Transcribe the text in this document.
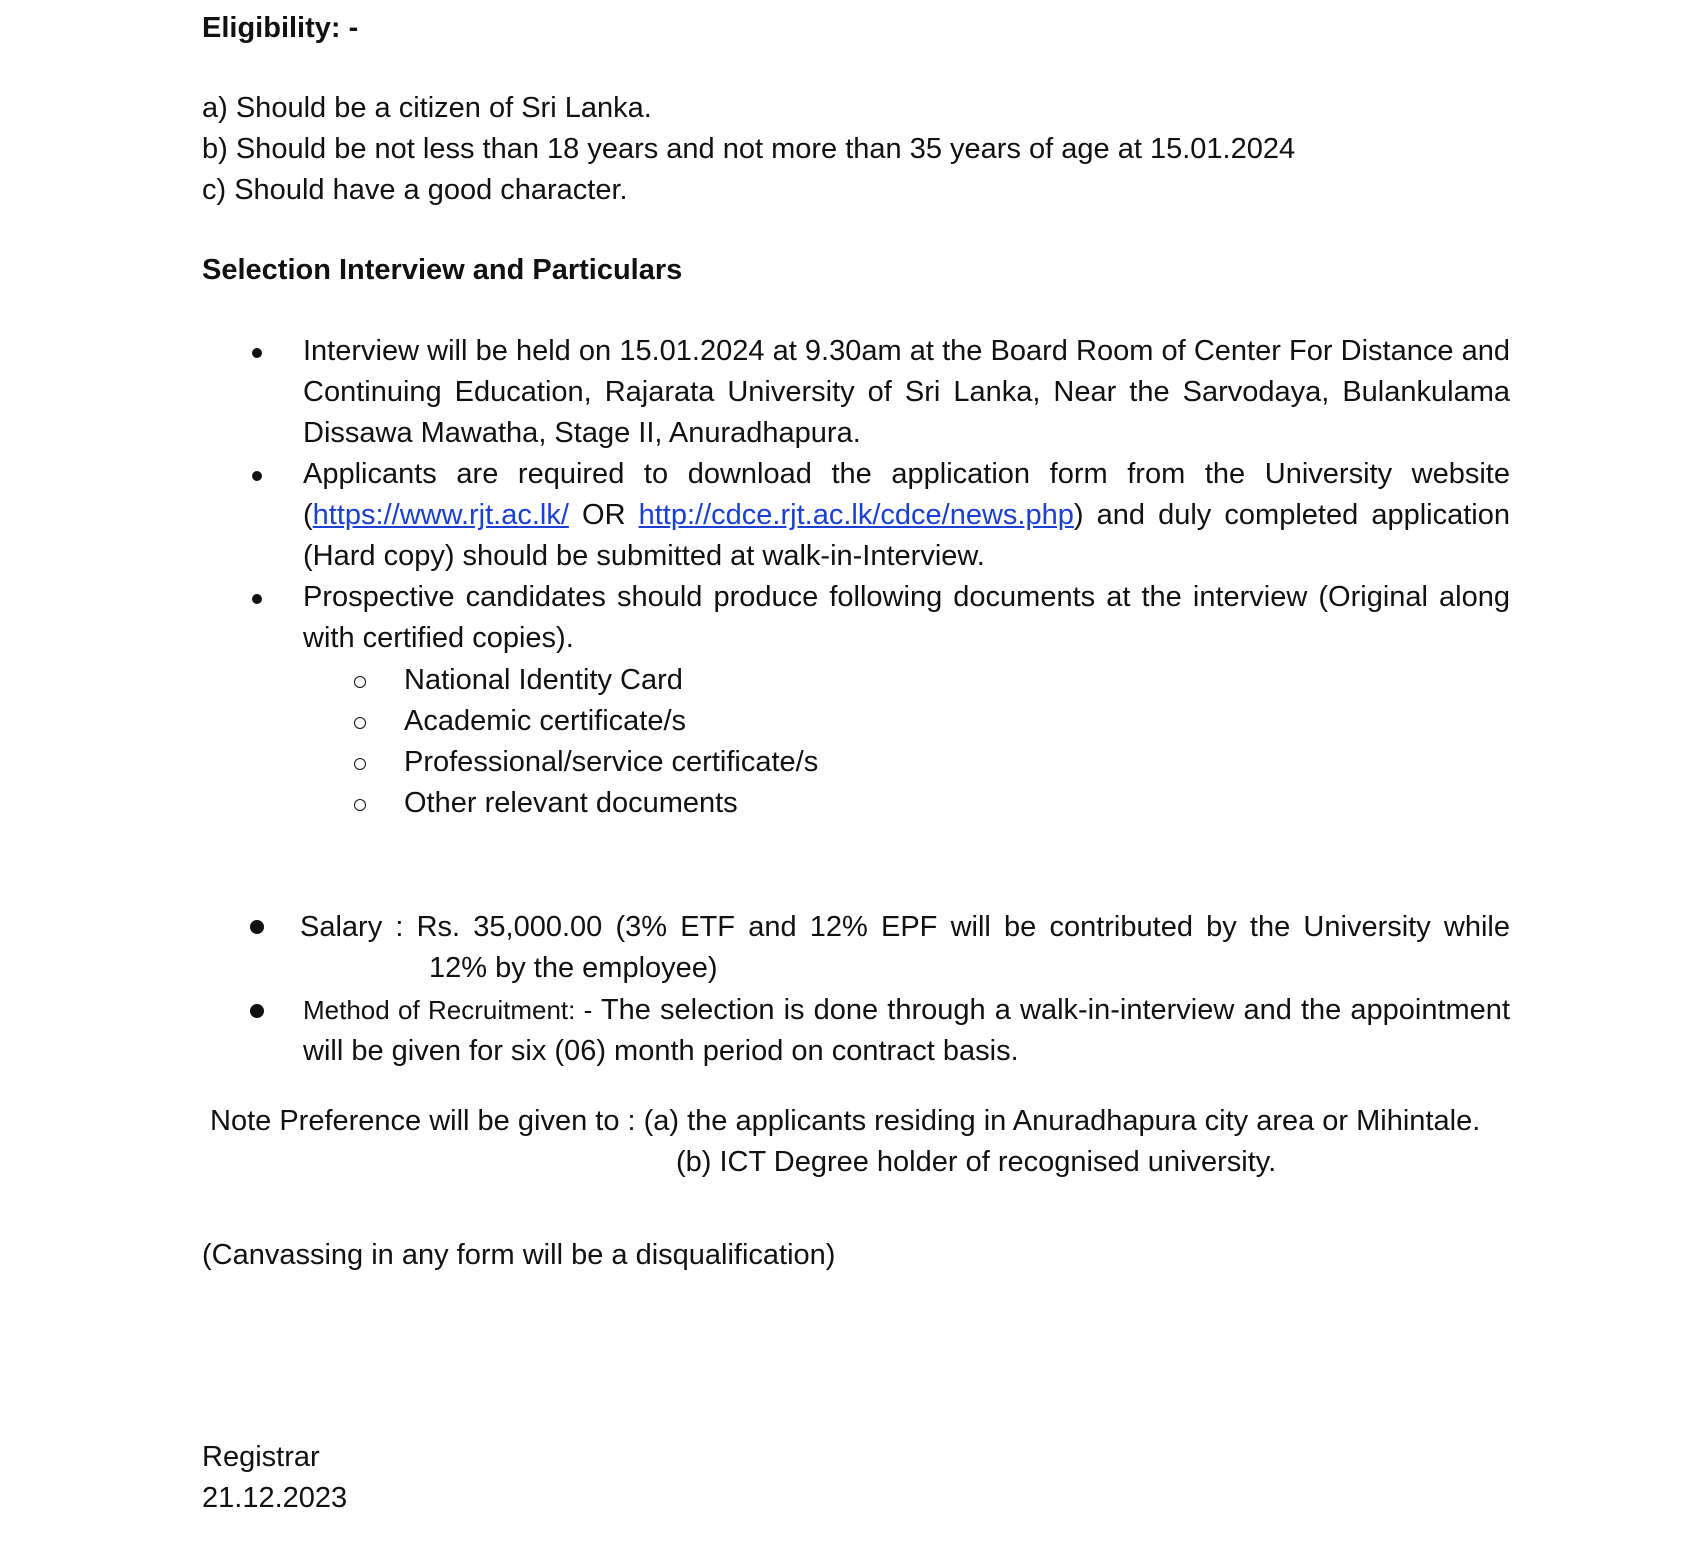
Eligibility: -
a) Should be a citizen of Sri Lanka.
b) Should be not less than 18 years and not more than 35 years of age at 15.01.2024
c) Should have a good character.
Selection Interview and Particulars
Interview will be held on 15.01.2024 at 9.30am at the Board Room of Center For Distance and Continuing Education, Rajarata University of Sri Lanka, Near the Sarvodaya, Bulankulama Dissawa Mawatha, Stage II, Anuradhapura.
Applicants are required to download the application form from the University website (https://www.rjt.ac.lk/ OR http://cdce.rjt.ac.lk/cdce/news.php) and duly completed application (Hard copy) should be submitted at walk-in-Interview.
Prospective candidates should produce following documents at the interview (Original along with certified copies).
National Identity Card
Academic certificate/s
Professional/service certificate/s
Other relevant documents
Salary : Rs. 35,000.00 (3% ETF and 12% EPF will be contributed by the University while
12% by the employee)
Method of Recruitment: - The selection is done through a walk-in-interview and the appointment will be given for six (06) month period on contract basis.
Note Preference will be given to : (a) the applicants residing in Anuradhapura city area or Mihintale.
(b) ICT Degree holder of recognised university.
(Canvassing in any form will be a disqualification)
Registrar
21.12.2023
